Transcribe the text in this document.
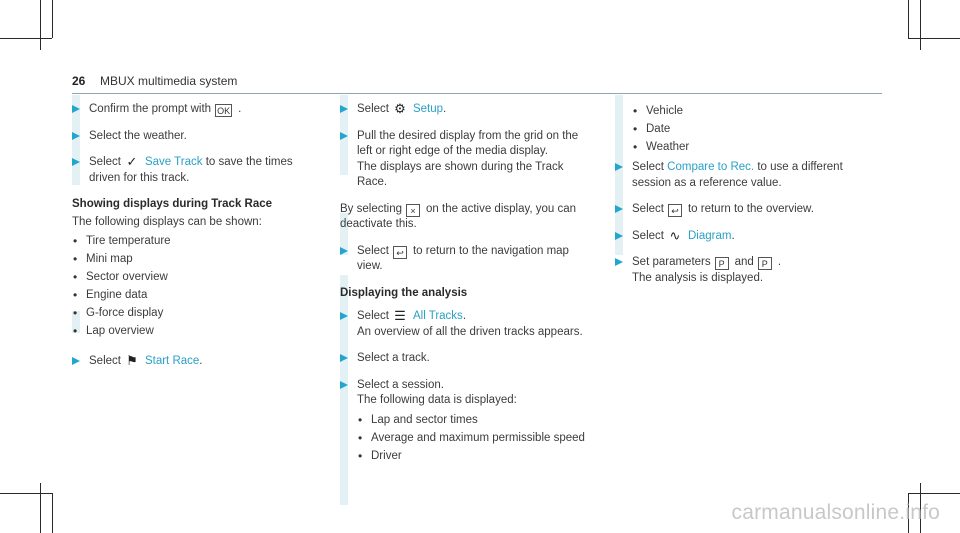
26 MBUX multimedia system
Confirm the prompt with OK .
Select the weather.
Select ✓ Save Track to save the times driven for this track.
Showing displays during Track Race
The following displays can be shown:
• Tire temperature
• Mini map
• Sector overview
• Engine data
• G-force display
• Lap overview
Select ⚑ Start Race.
Select ⚙ Setup.
Pull the desired display from the grid on the left or right edge of the media display.
The displays are shown during the Track Race.
By selecting × on the active display, you can deactivate this.
Select ↩ to return to the navigation map view.
Displaying the analysis
Select ☰ All Tracks.
An overview of all the driven tracks appears.
Select a track.
Select a session.
The following data is displayed:
• Lap and sector times
• Average and maximum permissible speed
• Driver
• Vehicle
• Date
• Weather
Select Compare to Rec. to use a different session as a reference value.
Select ↩ to return to the overview.
Select ∿ Diagram.
Set parameters P and P .
The analysis is displayed.
carmanualsonline.info
